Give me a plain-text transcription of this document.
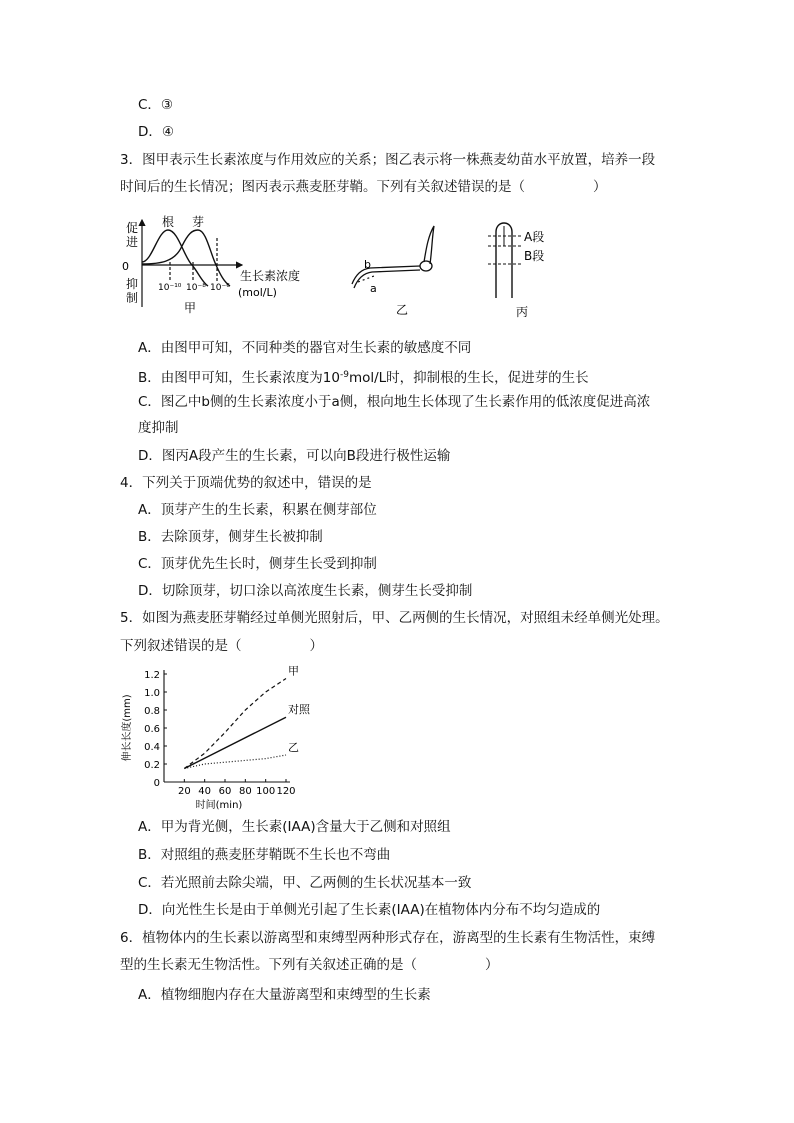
C．③
D．④
3．图甲表示生长素浓度与作用效应的关系；图乙表示将一株燕麦幼苗水平放置，培养一段
时间后的生长情况；图丙表示燕麦胚芽鞘。下列有关叙述错误的是（	）
促
进
0
抑
制
根 芽
10⁻¹⁰ 10⁻⁸ 10⁻⁶
生长素浓度
(mol/L)
甲
b
a
乙
A段
B段
丙
A．由图甲可知，不同种类的器官对生长素的敏感度不同
B．由图甲可知，生长素浓度为$10^{-9}mol/L$时，抑制根的生长，促进芽的生长
C．图乙中b侧的生长素浓度小于a侧，根向地生长体现了生长素作用的低浓度促进高浓
度抑制
D．图丙A段产生的生长素，可以向B段进行极性运输
4．下列关于顶端优势的叙述中，错误的是
A．顶芽产生的生长素，积累在侧芽部位
B．去除顶芽，侧芽生长被抑制
C．顶芽优先生长时，侧芽生长受到抑制
D．切除顶芽，切口涂以高浓度生长素，侧芽生长受抑制
5．如图为燕麦胚芽鞘经过单侧光照射后，甲、乙两侧的生长情况，对照组未经单侧光处理。
下列叙述错误的是（	）
0
0.2
0.4
0.6
0.8
1.0
1.2
20 40 60 80 100 120
时间(min)
伸长长度(mm)
甲
对照
乙
A．甲为背光侧，生长素(IAA)含量大于乙侧和对照组
B．对照组的燕麦胚芽鞘既不生长也不弯曲
C．若光照前去除尖端，甲、乙两侧的生长状况基本一致
D．向光性生长是由于单侧光引起了生长素(IAA)在植物体内分布不均匀造成的
6．植物体内的生长素以游离型和束缚型两种形式存在，游离型的生长素有生物活性，束缚
型的生长素无生物活性。下列有关叙述正确的是（	）
A．植物细胞内存在大量游离型和束缚型的生长素
